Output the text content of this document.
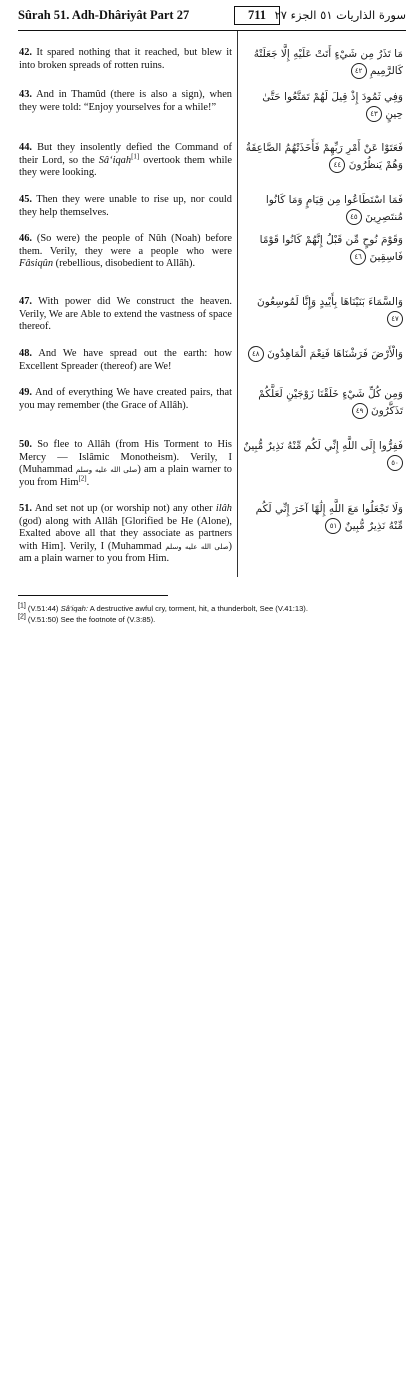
Sûrah 51. Adh-Dhâriyât Part 27	711 سورة الذاريات ٥١ الجزء ٢٧
42. It spared nothing that it reached, but blew it into broken spreads of rotten ruins.
مَا تَذَرُ مِن شَيْءٍ أَتَتْ عَلَيْهِ إِلَّا جَعَلَتْهُ كَالرَّمِيمِ ٤٢
43. And in Thamûd (there is also a sign), when they were told: “Enjoy yourselves for a while!”
وَفِي ثَمُودَ إِذْ قِيلَ لَهُمْ تَمَتَّعُوا حَتَّىٰ حِينٍ ٤٣
44. But they insolently defied the Command of their Lord, so the Sâ‘iqah[1] overtook them while they were looking.
فَعَتَوْا عَنْ أَمْرِ رَبِّهِمْ فَأَخَذَتْهُمُ الصَّاعِقَةُ وَهُمْ يَنظُرُونَ ٤٤
45. Then they were unable to rise up, nor could they help themselves.
فَمَا اسْتَطَاعُوا مِن قِيَامٍ وَمَا كَانُوا مُنتَصِرِينَ ٤٥
46. (So were) the people of Nûh (Noah) before them. Verily, they were a people who were Fâsiqûn (rebellious, disobedient to Allâh).
وَقَوْمَ نُوحٍ مِّن قَبْلُ إِنَّهُمْ كَانُوا قَوْمًا فَاسِقِينَ ٤٦
47. With power did We construct the heaven. Verily, We are Able to extend the vastness of space thereof.
وَالسَّمَاءَ بَنَيْنَاهَا بِأَيْيدٍ وَإِنَّا لَمُوسِعُونَ ٤٧
48. And We have spread out the earth: how Excellent Spreader (thereof) are We!
وَالْأَرْضَ فَرَشْنَاهَا فَنِعْمَ الْمَاهِدُونَ ٤٨
49. And of everything We have created pairs, that you may remember (the Grace of Allâh).
وَمِن كُلِّ شَيْءٍ خَلَقْنَا زَوْجَيْنِ لَعَلَّكُمْ تَذَكَّرُونَ ٤٩
50. So flee to Allâh (from His Torment to His Mercy — Islâmic Monotheism). Verily, I (Muhammad صلى الله عليه وسلم) am a plain warner to you from Him[2].
فَفِرُّوا إِلَى اللَّهِ إِنِّي لَكُم مِّنْهُ نَذِيرٌ مُّبِينٌ ٥٠
51. And set not up (or worship not) any other ilâh (god) along with Allâh [Glorified be He (Alone), Exalted above all that they associate as partners with Him]. Verily, I (Muhammad صلى الله عليه وسلم) am a plain warner to you from Him.
وَلَا تَجْعَلُوا مَعَ اللَّهِ إِلَٰهًا آخَرَ إِنِّي لَكُم مِّنْهُ نَذِيرٌ مُّبِينٌ ٥١
[1] (V.51:44) Sâ‘iqah: A destructive awful cry, torment, hit, a thunderbolt, See (V.41:13).
[2] (V.51:50) See the footnote of (V.3:85).
